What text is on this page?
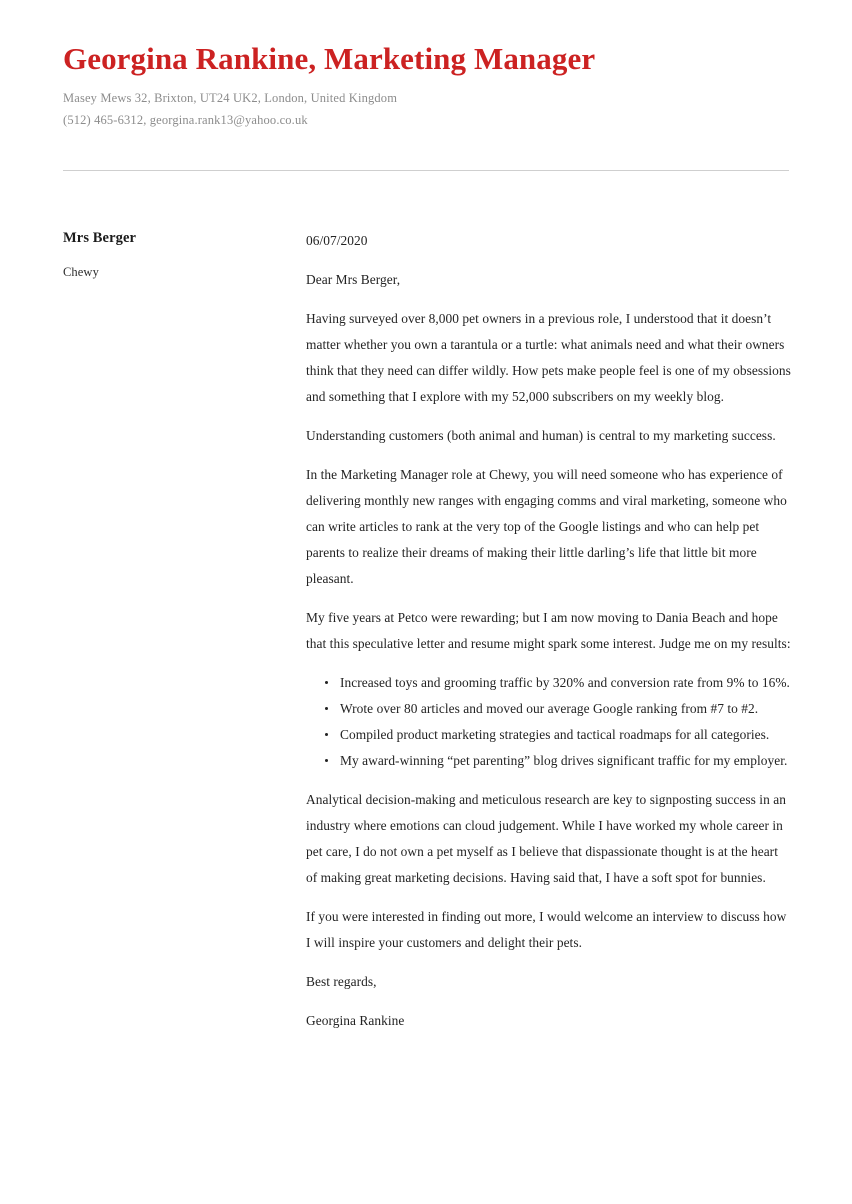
Georgina Rankine, Marketing Manager

Masey Mews 32, Brixton, UT24 UK2, London, United Kingdom

(512) 465-6312, georgina.rank13@yahoo.co.uk

Mrs Berger

Chewy

06/07/2020

Dear Mrs Berger,

Having surveyed over 8,000 pet owners in a previous role, I understood that it doesn’t matter whether you own a tarantula or a turtle: what animals need and what their owners think that they need can differ wildly. How pets make people feel is one of my obsessions and something that I explore with my 52,000 subscribers on my weekly blog.

Understanding customers (both animal and human) is central to my marketing success.

In the Marketing Manager role at Chewy, you will need someone who has experience of delivering monthly new ranges with engaging comms and viral marketing, someone who can write articles to rank at the very top of the Google listings and who can help pet parents to realize their dreams of making their little darling’s life that little bit more pleasant.

My five years at Petco were rewarding; but I am now moving to Dania Beach and hope that this speculative letter and resume might spark some interest. Judge me on my results:

Increased toys and grooming traffic by 320% and conversion rate from 9% to 16%.
Wrote over 80 articles and moved our average Google ranking from #7 to #2.
Compiled product marketing strategies and tactical roadmaps for all categories.
My award-winning “pet parenting” blog drives significant traffic for my employer.

Analytical decision-making and meticulous research are key to signposting success in an industry where emotions can cloud judgement. While I have worked my whole career in pet care, I do not own a pet myself as I believe that dispassionate thought is at the heart of making great marketing decisions. Having said that, I have a soft spot for bunnies.

If you were interested in finding out more, I would welcome an interview to discuss how I will inspire your customers and delight their pets.

Best regards,

Georgina Rankine
